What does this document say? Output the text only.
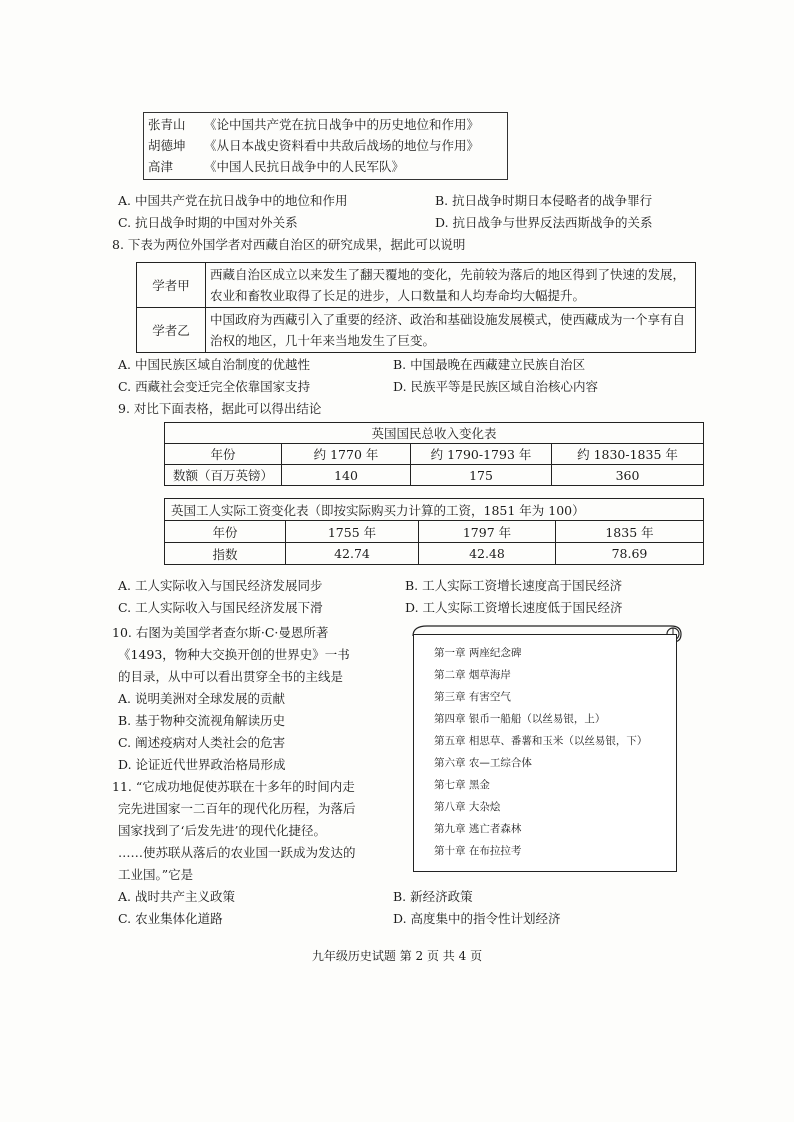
张青山 《论中国共产党在抗日战争中的历史地位和作用》
胡德坤 《从日本战史资料看中共敌后战场的地位与作用》
高津 《中国人民抗日战争中的人民军队》
A. 中国共产党在抗日战争中的地位和作用	B. 抗日战争时期日本侵略者的战争罪行
C. 抗日战争时期的中国对外关系	D. 抗日战争与世界反法西斯战争的关系
8. 下表为两位外国学者对西藏自治区的研究成果，据此可以说明
学者甲	西藏自治区成立以来发生了翻天覆地的变化，先前较为落后的地区得到了快速的发展，农业和畜牧业取得了长足的进步，人口数量和人均寿命均大幅提升。
学者乙	中国政府为西藏引入了重要的经济、政治和基础设施发展模式，使西藏成为一个享有自治权的地区，几十年来当地发生了巨变。
A. 中国民族区域自治制度的优越性	B. 中国最晚在西藏建立民族自治区
C. 西藏社会变迁完全依靠国家支持	D. 民族平等是民族区域自治核心内容
9. 对比下面表格，据此可以得出结论
英国国民总收入变化表			
年份	约 1770 年	约 1790-1793 年	约 1830-1835 年
数额（百万英镑）	140	175	360
英国工人实际工资变化表（即按实际购买力计算的工资，1851 年为 100）			
年份	1755 年	1797 年	1835 年
指数	42.74	42.48	78.69
A. 工人实际收入与国民经济发展同步	B. 工人实际工资增长速度高于国民经济
C. 工人实际收入与国民经济发展下滑	D. 工人实际工资增长速度低于国民经济
10. 右图为美国学者查尔斯·C·曼恩所著
《1493，物种大交换开创的世界史》一书
的目录，从中可以看出贯穿全书的主线是
A. 说明美洲对全球发展的贡献
B. 基于物种交流视角解读历史
C. 阐述疫病对人类社会的危害
D. 论证近代世界政治格局形成
第一章 两座纪念碑
第二章 烟草海岸
第三章 有害空气
第四章 银币一船船（以丝易银，上）
第五章 相思草、番薯和玉米（以丝易银，下）
第六章 农—工综合体
第七章 黑金
第八章 大杂烩
第九章 逃亡者森林
第十章 在布拉拉考
11. “它成功地促使苏联在十多年的时间内走
完先进国家一二百年的现代化历程，为落后
国家找到了‘后发先进’的现代化捷径。
……使苏联从落后的农业国一跃成为发达的
工业国。”它是
A. 战时共产主义政策	B. 新经济政策
C. 农业集体化道路	D. 高度集中的指令性计划经济
九年级历史试题 第 2 页 共 4 页
